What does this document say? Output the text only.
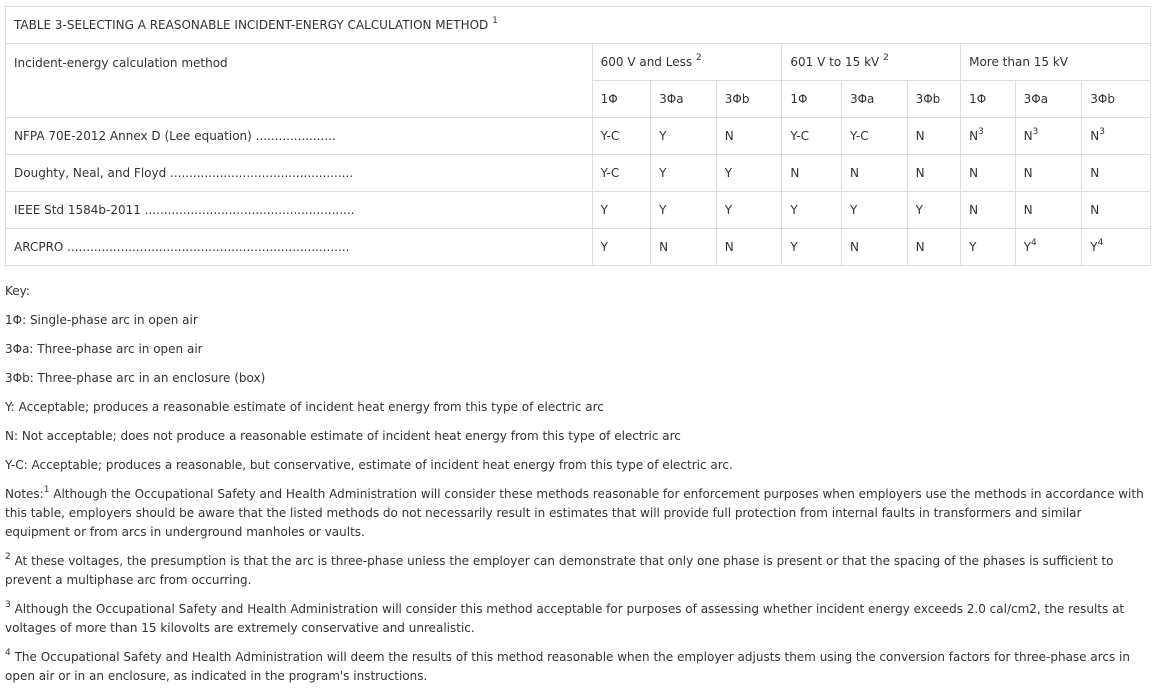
TABLE 3-SELECTING A REASONABLE INCIDENT-ENERGY CALCULATION METHOD $^1$
Incident-energy calculation method	600 V and Less $^2$			601 V to 15 kV $^2$			More than 15 kV		
	1Φ	3Φa	3Φb	1Φ	3Φa	3Φb	1Φ	3Φa	3Φb
NFPA 70E-2012 Annex D (Lee equation) .....................	Y-C	Y	N	Y-C	Y-C	N	$N^3$	$N^3$	$N^3$
Doughty, Neal, and Floyd ................................................	Y-C	Y	Y	N	N	N	N	N	N
IEEE Std 1584b-2011 .......................................................	Y	Y	Y	Y	Y	Y	N	N	N
ARCPRO ..........................................................................	Y	N	N	Y	N	N	Y	$Y^4$	$Y^4$

Key:

1Φ: Single-phase arc in open air

3Φa: Three-phase arc in open air

3Φb: Three-phase arc in an enclosure (box)

Y: Acceptable; produces a reasonable estimate of incident heat energy from this type of electric arc

N: Not acceptable; does not produce a reasonable estimate of incident heat energy from this type of electric arc

Y-C: Acceptable; produces a reasonable, but conservative, estimate of incident heat energy from this type of electric arc.

Notes:$^1$ Although the Occupational Safety and Health Administration will consider these methods reasonable for enforcement purposes when employers use the methods in accordance with this table, employers should be aware that the listed methods do not necessarily result in estimates that will provide full protection from internal faults in transformers and similar equipment or from arcs in underground manholes or vaults.

$^2$ At these voltages, the presumption is that the arc is three-phase unless the employer can demonstrate that only one phase is present or that the spacing of the phases is sufficient to prevent a multiphase arc from occurring.

$^3$ Although the Occupational Safety and Health Administration will consider this method acceptable for purposes of assessing whether incident energy exceeds 2.0 cal/cm2, the results at voltages of more than 15 kilovolts are extremely conservative and unrealistic.

$^4$ The Occupational Safety and Health Administration will deem the results of this method reasonable when the employer adjusts them using the conversion factors for three-phase arcs in open air or in an enclosure, as indicated in the program's instructions.
